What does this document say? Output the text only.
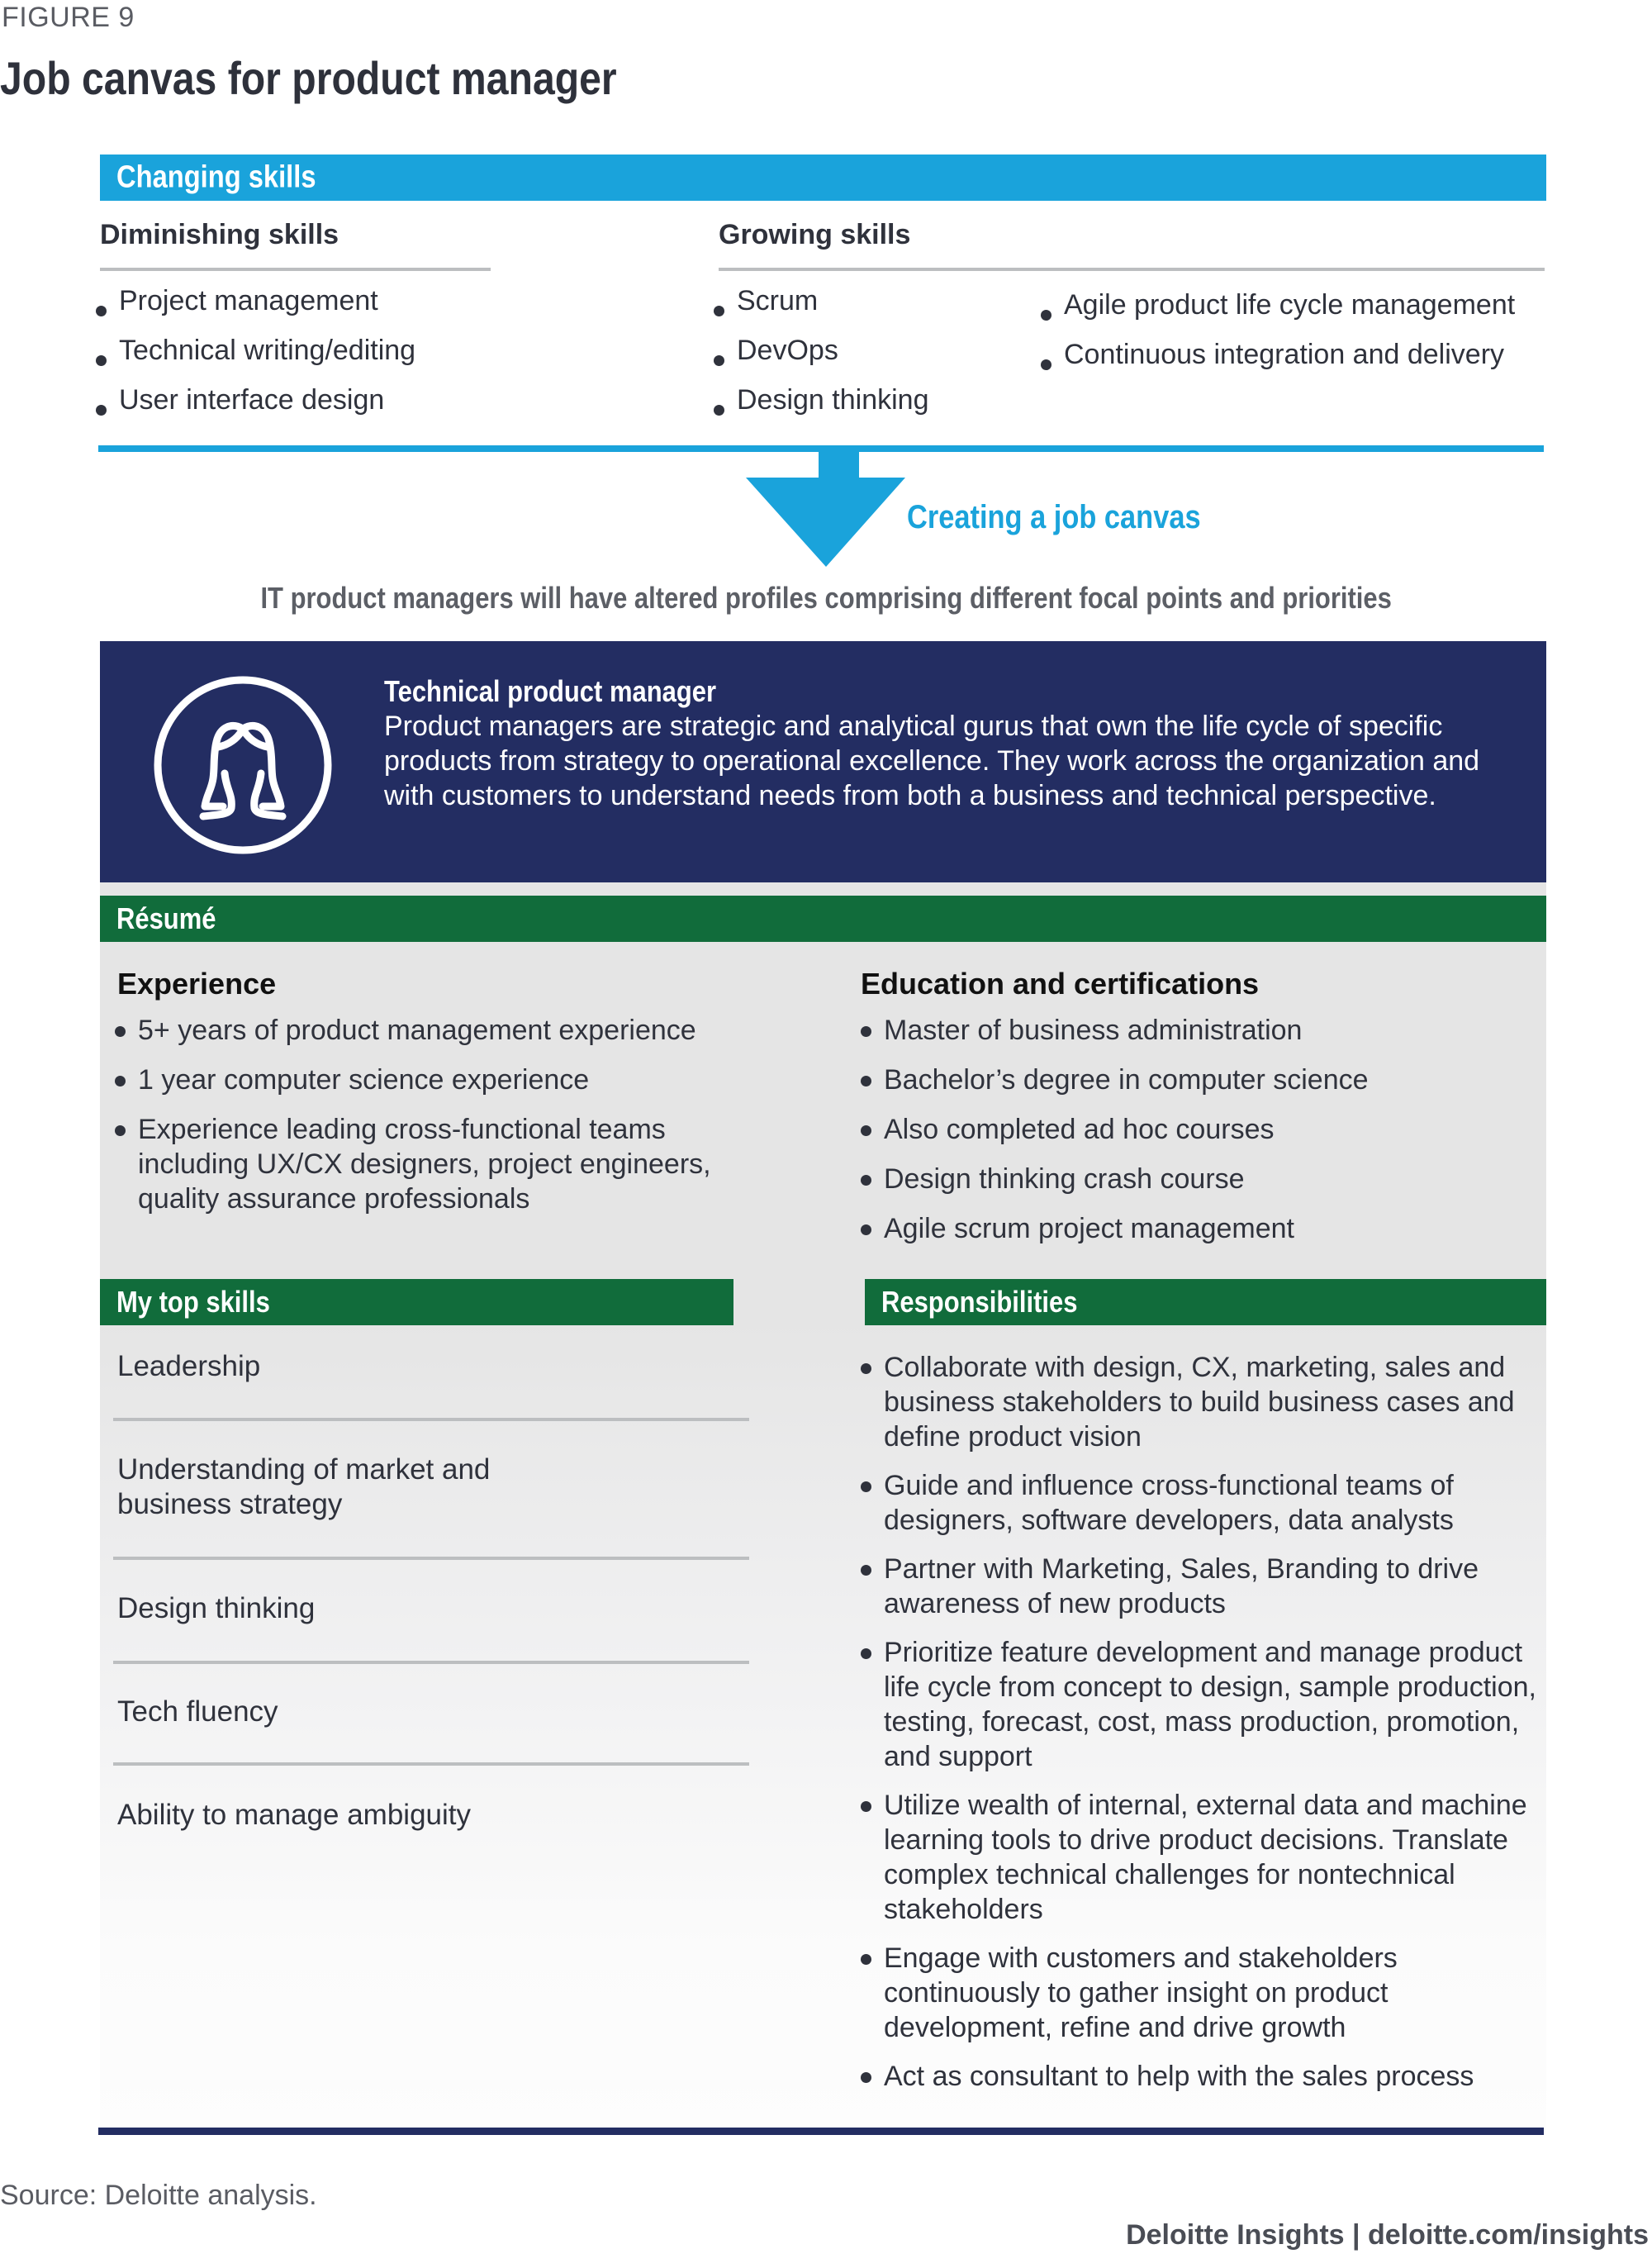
FIGURE 9
Job canvas for product manager
Changing skills
Diminishing skills
Project management
Technical writing/editing
User interface design
Growing skills
Scrum
DevOps
Design thinking
Agile product life cycle management
Continuous integration and delivery
Creating a job canvas
IT product managers will have altered profiles comprising different focal points and priorities
Technical product manager
Product managers are strategic and analytical gurus that own the life cycle of specific products from strategy to operational excellence. They work across the organization and with customers to understand needs from both a business and technical perspective.
Résumé
Experience
5+ years of product management experience
1 year computer science experience
Experience leading cross-functional teams including UX/CX designers, project engineers, quality assurance professionals
Education and certifications
Master of business administration
Bachelor’s degree in computer science
Also completed ad hoc courses
Design thinking crash course
Agile scrum project management
My top skills
Leadership
Understanding of market and business strategy
Design thinking
Tech fluency
Ability to manage ambiguity
Responsibilities
Collaborate with design, CX, marketing, sales and business stakeholders to build business cases and define product vision
Guide and influence cross-functional teams of designers, software developers, data analysts
Partner with Marketing, Sales, Branding to drive awareness of new products
Prioritize feature development and manage product life cycle from concept to design, sample production, testing, forecast, cost, mass production, promotion, and support
Utilize wealth of internal, external data and machine learning tools to drive product decisions. Translate complex technical challenges for nontechnical stakeholders
Engage with customers and stakeholders continuously to gather insight on product development, refine and drive growth
Act as consultant to help with the sales process
Source: Deloitte analysis.
Deloitte Insights | deloitte.com/insights
